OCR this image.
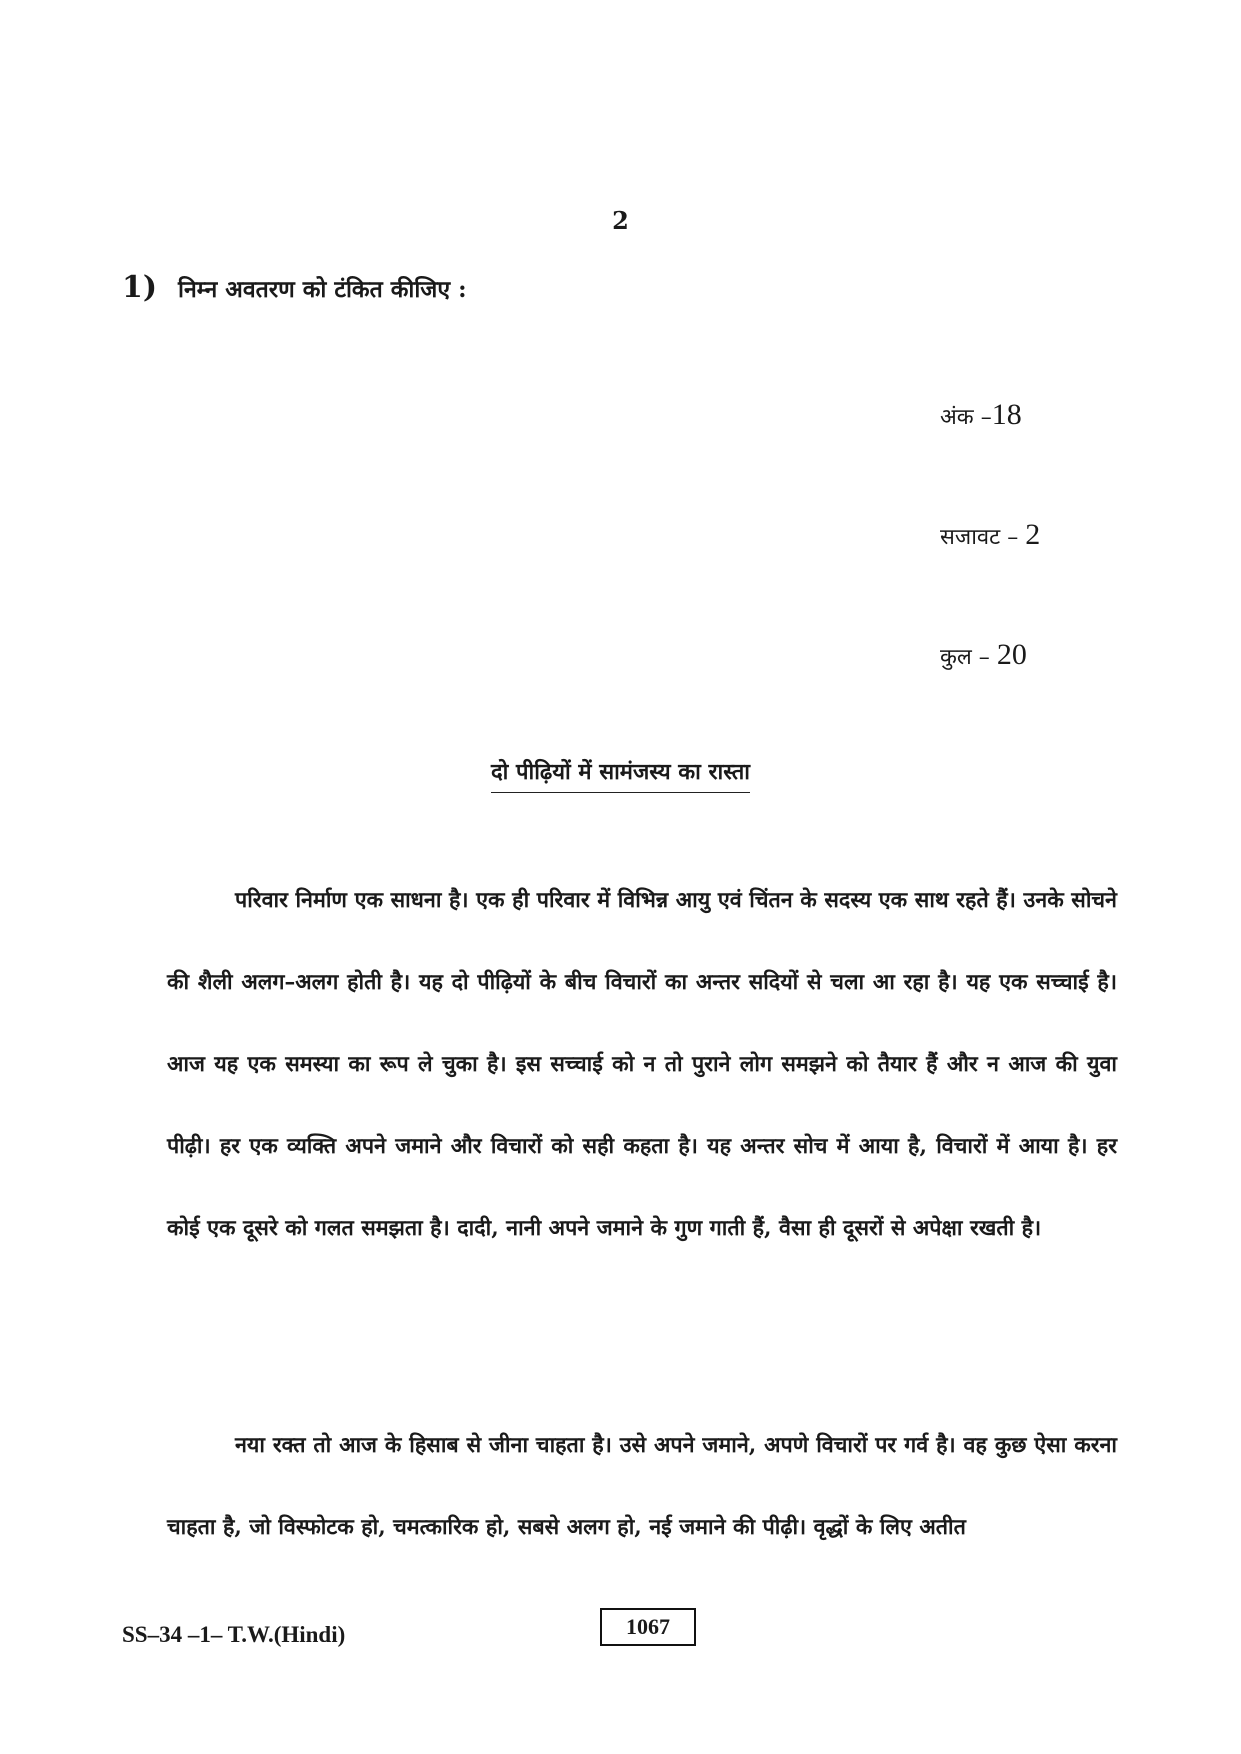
2
1) निम्न अवतरण को टंकित कीजिए :
अंक –18
सजावट – 2
कुल – 20
दो पीढ़ियों में सामंजस्य का रास्ता

परिवार निर्माण एक साधना है। एक ही परिवार में विभिन्न आयु एवं चिंतन के सदस्य एक साथ रहते हैं। उनके सोचने की शैली अलग–अलग होती है। यह दो पीढ़ियों के बीच विचारों का अन्तर सदियों से चला आ रहा है। यह एक सच्चाई है। आज यह एक समस्या का रूप ले चुका है। इस सच्चाई को न तो पुराने लोग समझने को तैयार हैं और न आज की युवा पीढ़ी। हर एक व्यक्ति अपने जमाने और विचारों को सही कहता है। यह अन्तर सोच में आया है, विचारों में आया है। हर कोई एक दूसरे को गलत समझता है। दादी, नानी अपने जमाने के गुण गाती हैं, वैसा ही दूसरों से अपेक्षा रखती है।

नया रक्त तो आज के हिसाब से जीना चाहता है। उसे अपने जमाने, अपणे विचारों पर गर्व है। वह कुछ ऐसा करना चाहता है, जो विस्फोटक हो, चमत्कारिक हो, सबसे अलग हो, नई जमाने की पीढ़ी। वृद्धों के लिए अतीत

SS–34 –1– T.W.(Hindi)	1067
